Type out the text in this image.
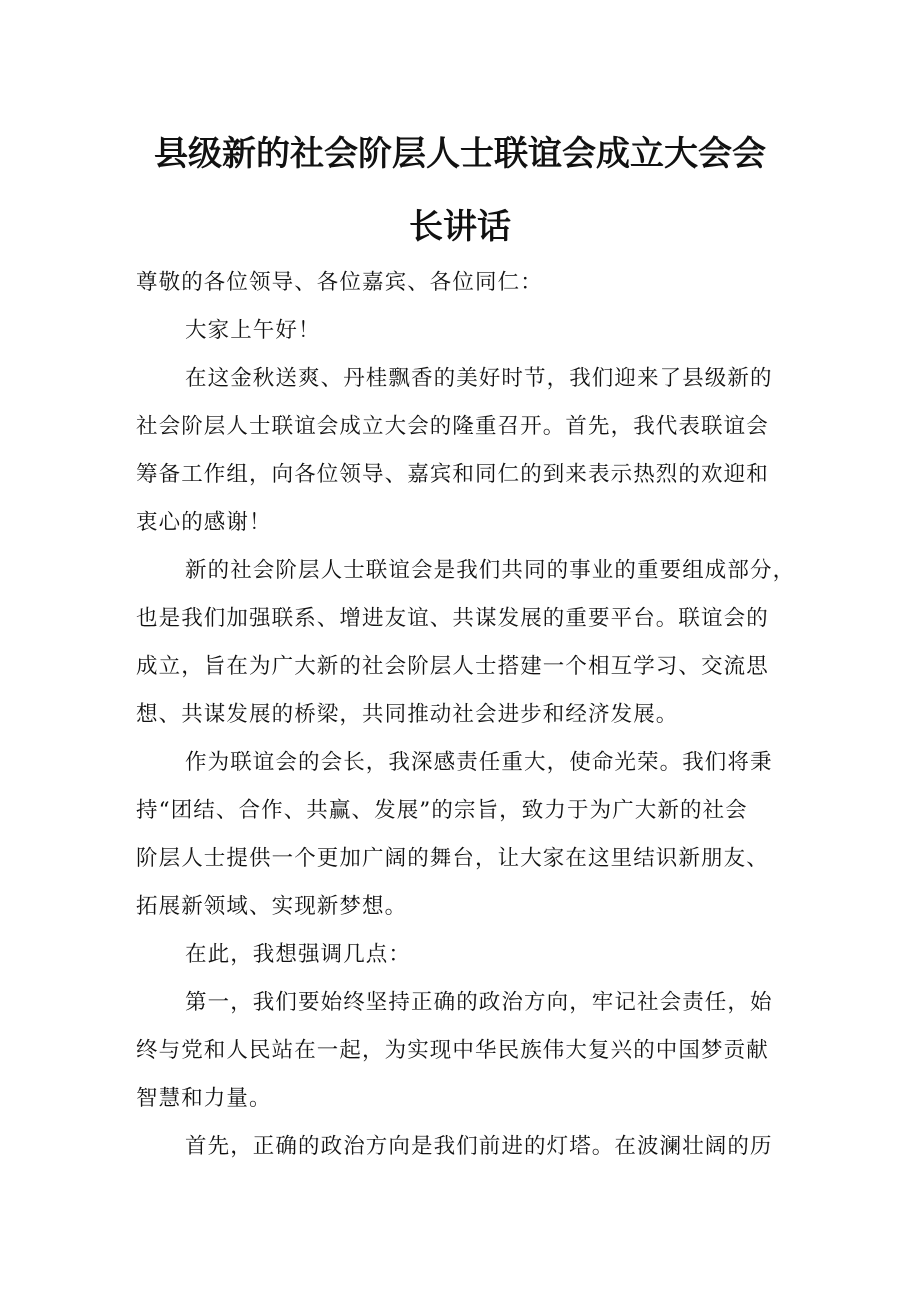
县级新的社会阶层人士联谊会成立大会会
长讲话

尊敬的各位领导、各位嘉宾、各位同仁：

大家上午好！

在这金秋送爽、丹桂飘香的美好时节，我们迎来了县级新的

社会阶层人士联谊会成立大会的隆重召开。首先，我代表联谊会

筹备工作组，向各位领导、嘉宾和同仁的到来表示热烈的欢迎和

衷心的感谢！

新的社会阶层人士联谊会是我们共同的事业的重要组成部分，

也是我们加强联系、增进友谊、共谋发展的重要平台。联谊会的

成立，旨在为广大新的社会阶层人士搭建一个相互学习、交流思

想、共谋发展的桥梁，共同推动社会进步和经济发展。

作为联谊会的会长，我深感责任重大，使命光荣。我们将秉

持“团结、合作、共赢、发展”的宗旨，致力于为广大新的社会

阶层人士提供一个更加广阔的舞台，让大家在这里结识新朋友、

拓展新领域、实现新梦想。

在此，我想强调几点：

第一，我们要始终坚持正确的政治方向，牢记社会责任，始

终与党和人民站在一起，为实现中华民族伟大复兴的中国梦贡献

智慧和力量。

首先，正确的政治方向是我们前进的灯塔。在波澜壮阔的历
